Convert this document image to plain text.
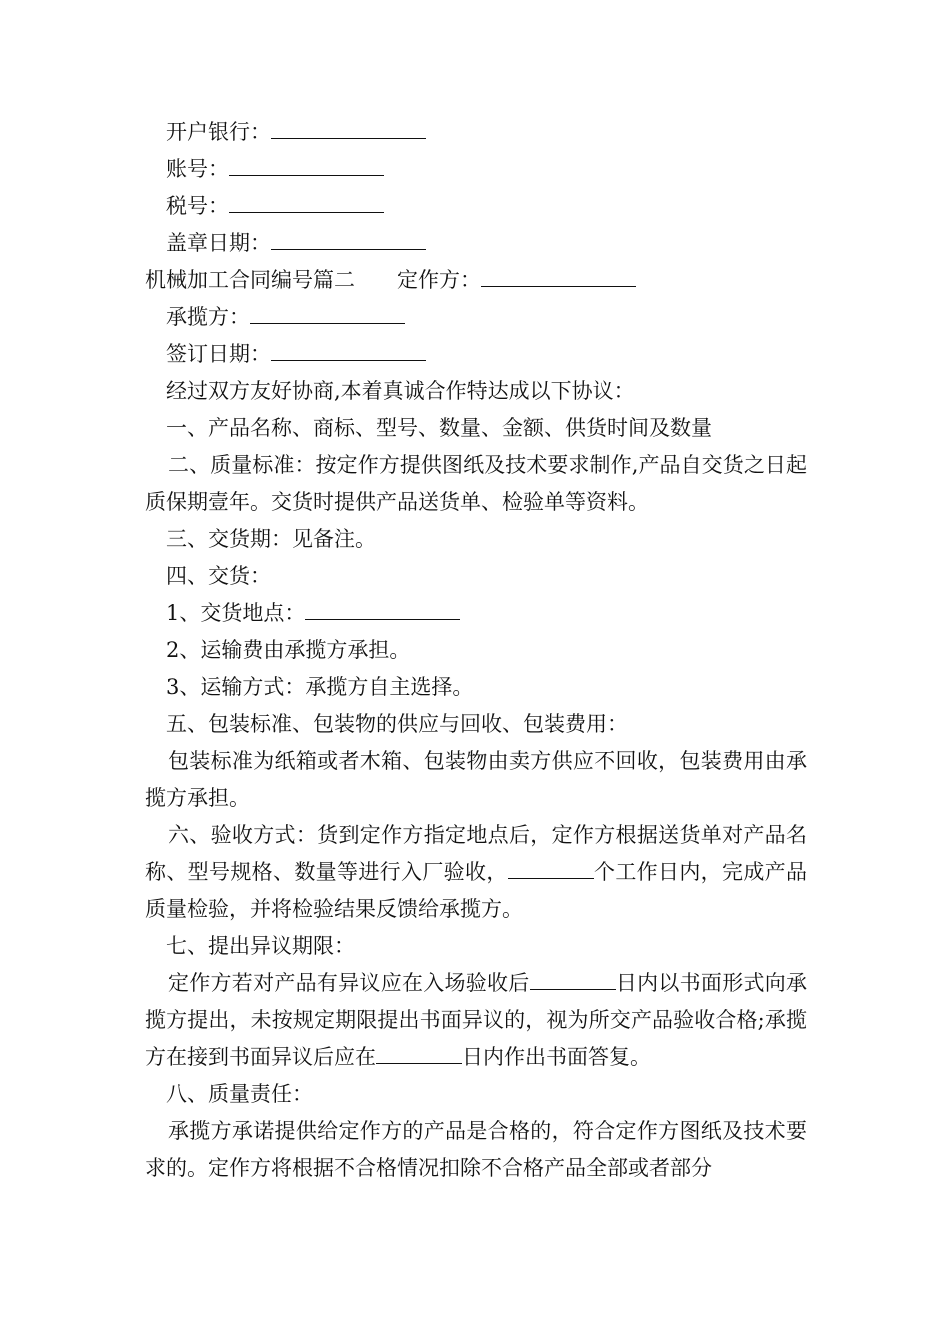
开户银行：
账号：
税号：
盖章日期：
机械加工合同编号篇二 定作方：
承揽方：
签订日期：
经过双方友好协商,本着真诚合作特达成以下协议：
一、产品名称、商标、型号、数量、金额、供货时间及数量
二、质量标准：按定作方提供图纸及技术要求制作,产品自交货之日起质保期壹年。交货时提供产品送货单、检验单等资料。
三、交货期：见备注。
四、交货：
1、交货地点：
2、运输费由承揽方承担。
3、运输方式：承揽方自主选择。
五、包装标准、包装物的供应与回收、包装费用：
包装标准为纸箱或者木箱、包装物由卖方供应不回收，包装费用由承揽方承担。
六、验收方式：货到定作方指定地点后，定作方根据送货单对产品名称、型号规格、数量等进行入厂验收，	个工作日内，完成产品质量检验，并将检验结果反馈给承揽方。
七、提出异议期限：
定作方若对产品有异议应在入场验收后	日内以书面形式向承揽方提出，未按规定期限提出书面异议的，视为所交产品验收合格;承揽方在接到书面异议后应在	日内作出书面答复。
八、质量责任：
承揽方承诺提供给定作方的产品是合格的，符合定作方图纸及技术要求的。定作方将根据不合格情况扣除不合格产品全部或者部分
